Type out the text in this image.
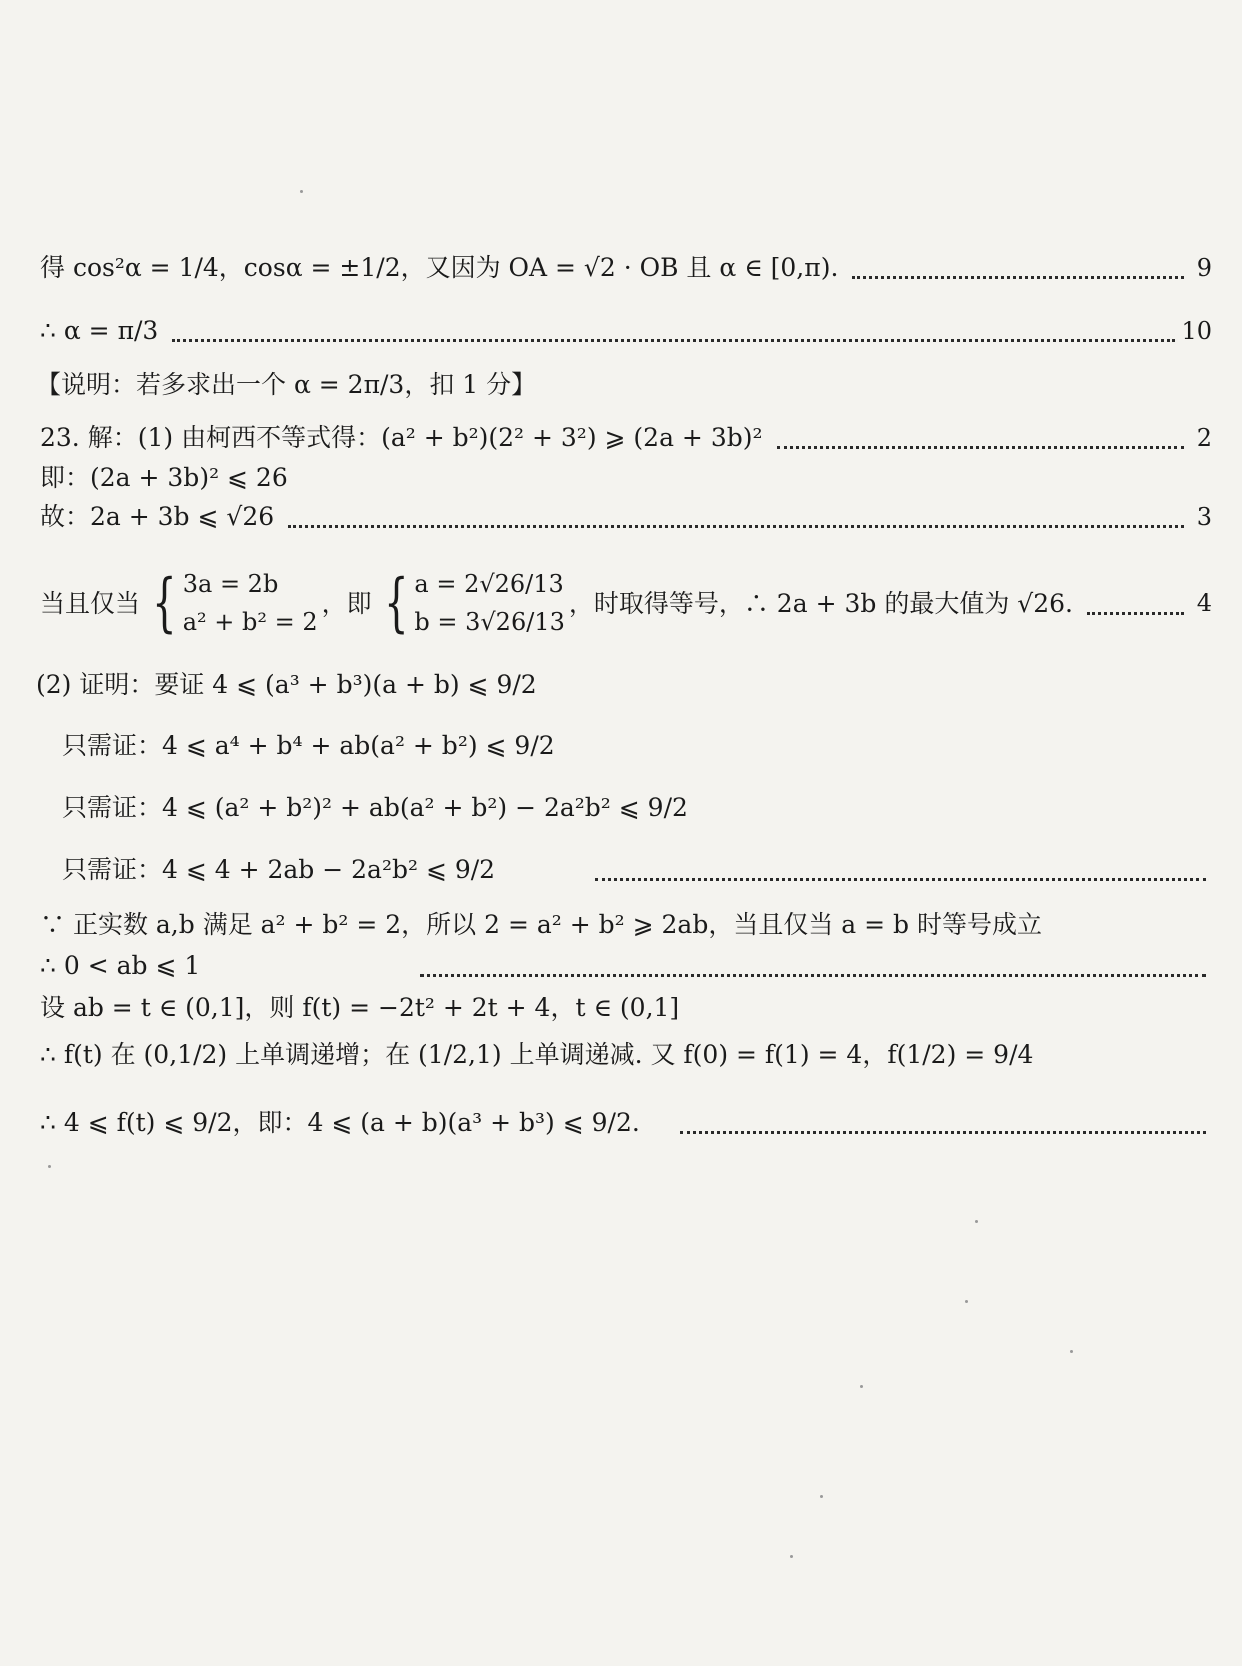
得 cos²α = 1/4，cosα = ±1/2，又因为 OA = √2 · OB 且 α ∈ [0,π).	9
∴ α = π/3	10
【说明：若多求出一个 α = 2π/3，扣 1 分】
23. 解：(1) 由柯西不等式得：(a² + b²)(2² + 3²) ⩾ (2a + 3b)²	2
即：(2a + 3b)² ⩽ 26
故：2a + 3b ⩽ √26	3
当且仅当 { 3a = 2b
a² + b² = 2
，即 { a = 2√26/13
b = 3√26/13
，时取得等号，∴ 2a + 3b 的最大值为 √26.	4
(2) 证明：要证 4 ⩽ (a³ + b³)(a + b) ⩽ 9/2
只需证：4 ⩽ a⁴ + b⁴ + ab(a² + b²) ⩽ 9/2
只需证：4 ⩽ (a² + b²)² + ab(a² + b²) − 2a²b² ⩽ 9/2
只需证：4 ⩽ 4 + 2ab − 2a²b² ⩽ 9/2
∵ 正实数 a,b 满足 a² + b² = 2，所以 2 = a² + b² ⩾ 2ab，当且仅当 a = b 时等号成立
∴ 0 < ab ⩽ 1
设 ab = t ∈ (0,1]，则 f(t) = −2t² + 2t + 4，t ∈ (0,1]
∴ f(t) 在 (0,1/2) 上单调递增；在 (1/2,1) 上单调递减. 又 f(0) = f(1) = 4，f(1/2) = 9/4
∴ 4 ⩽ f(t) ⩽ 9/2，即：4 ⩽ (a + b)(a³ + b³) ⩽ 9/2.
